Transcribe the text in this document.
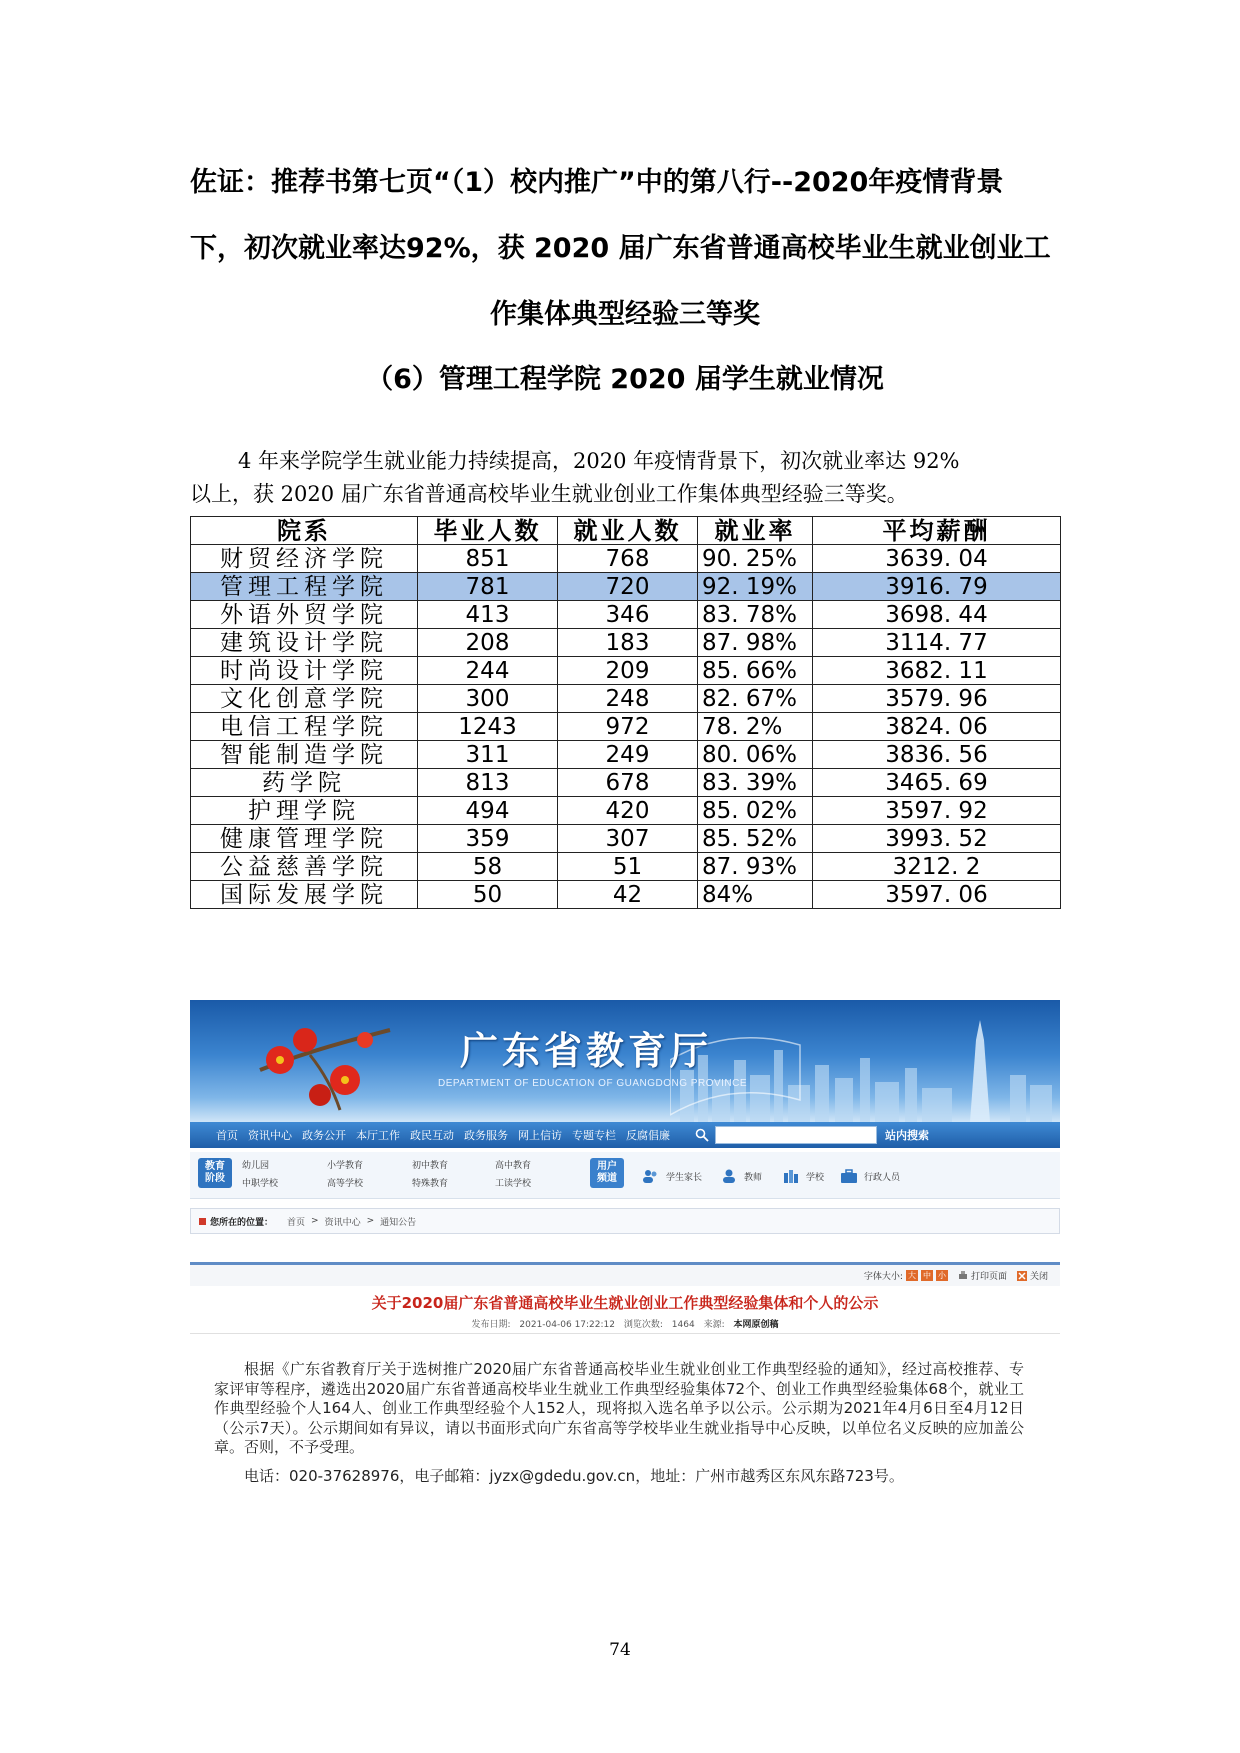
佐证：推荐书第七页“（1）校内推广”中的第八行--2020年疫情背景
下，初次就业率达92%，获 2020 届广东省普通高校毕业生就业创业工
作集体典型经验三等奖
（6）管理工程学院 2020 届学生就业情况
4 年来学院学生就业能力持续提高，2020 年疫情背景下，初次就业率达 92%
以上，获 2020 届广东省普通高校毕业生就业创业工作集体典型经验三等奖。
院系	毕业人数	就业人数	就业率	平均薪酬
财贸经济学院	851	768	90. 25%	3639. 04
管理工程学院	781	720	92. 19%	3916. 79
外语外贸学院	413	346	83. 78%	3698. 44
建筑设计学院	208	183	87. 98%	3114. 77
时尚设计学院	244	209	85. 66%	3682. 11
文化创意学院	300	248	82. 67%	3579. 96
电信工程学院	1243	972	78. 2%	3824. 06
智能制造学院	311	249	80. 06%	3836. 56
药学院	813	678	83. 39%	3465. 69
护理学院	494	420	85. 02%	3597. 92
健康管理学院	359	307	85. 52%	3993. 52
公益慈善学院	58	51	87. 93%	3212. 2
国际发展学院	50	42	84%	3597. 06
广东省教育厅
DEPARTMENT OF EDUCATION OF GUANGDONG PROVINCE
首页 资讯中心 政务公开 本厅工作 政民互动 政务服务 网上信访 专题专栏 反腐倡廉	站内搜索
教育
阶段
幼儿园
中职学校
小学教育
高等学校
初中教育
特殊教育
高中教育
工读学校
用户
频道	学生家长	教师	学校	行政人员
您所在的位置： 首页 > 资讯中心 > 通知公告
字体大小: 大 中 小	打印页面	关闭
关于2020届广东省普通高校毕业生就业创业工作典型经验集体和个人的公示
发布日期: 2021-04-06 17:22:12 浏览次数: 1464 来源: 本网原创稿

根据《广东省教育厅关于选树推广2020届广东省普通高校毕业生就业创业工作典型经验的通知》，经过高校推荐、专家评审等程序，遴选出2020届广东省普通高校毕业生就业工作典型经验集体72个、创业工作典型经验集体68个，就业工作典型经验个人164人、创业工作典型经验个人152人，现将拟入选名单予以公示。公示期为2021年4月6日至4月12日（公示7天）。公示期间如有异议，请以书面形式向广东省高等学校毕业生就业指导中心反映，以单位名义反映的应加盖公章。否则，不予受理。

电话：020-37628976，电子邮箱：jyzx@gdedu.gov.cn，地址：广州市越秀区东风东路723号。

74
